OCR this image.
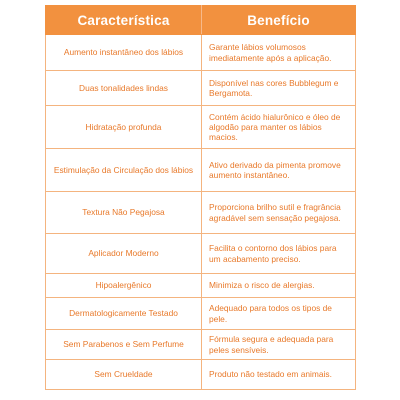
Característica	Benefício
Aumento instantâneo dos lábios	Garante lábios volumosos imediatamente após a aplicação.
Duas tonalidades lindas	Disponível nas cores Bubblegum e Bergamota.
Hidratação profunda	Contém ácido hialurônico e óleo de algodão para manter os lábios macios.
Estimulação da Circulação dos lábios	Ativo derivado da pimenta promove aumento instantâneo.
Textura Não Pegajosa	Proporciona brilho sutil e fragrância agradável sem sensação pegajosa.
Aplicador Moderno	Facilita o contorno dos lábios para um acabamento preciso.
Hipoalergênico	Minimiza o risco de alergias.
Dermatologicamente Testado	Adequado para todos os tipos de pele.
Sem Parabenos e Sem Perfume	Fórmula segura e adequada para peles sensíveis.
Sem Crueldade	Produto não testado em animais.
